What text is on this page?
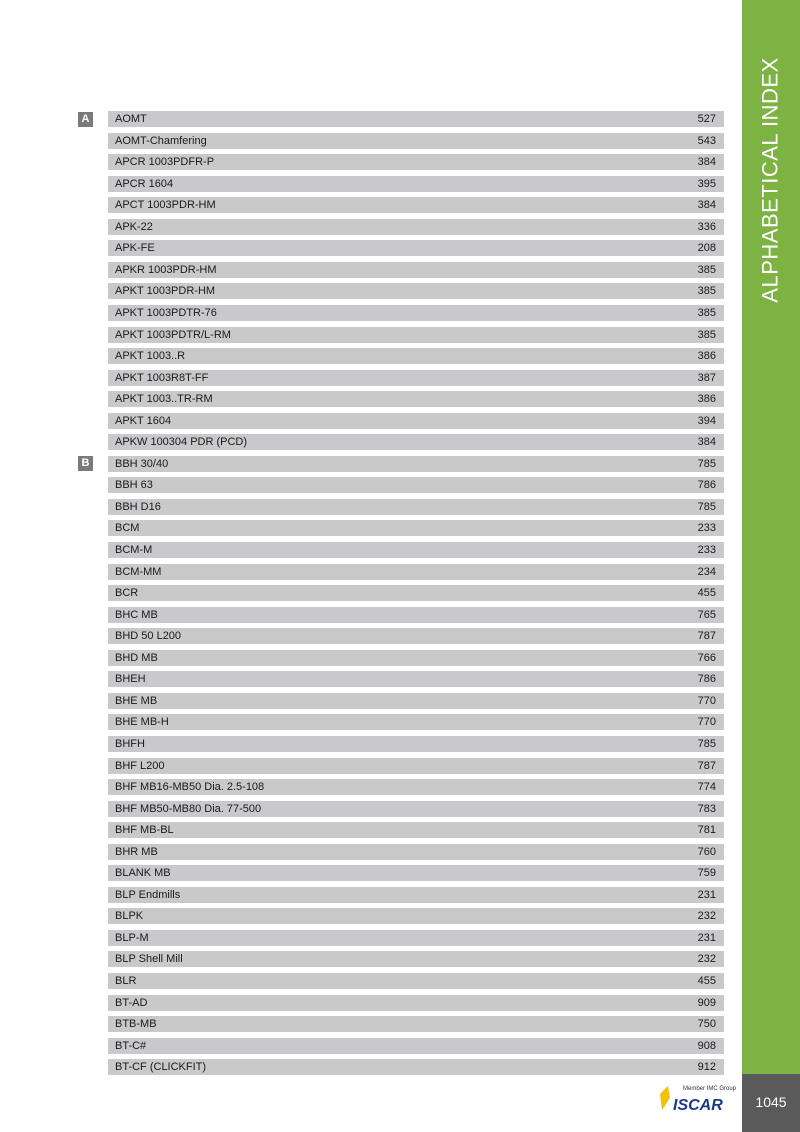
ALPHABETICAL INDEX
1045
A	AOMT	527
AOMT-Chamfering	543
APCR 1003PDFR-P	384
APCR 1604	395
APCT 1003PDR-HM	384
APK-22	336
APK-FE	208
APKR 1003PDR-HM	385
APKT 1003PDR-HM	385
APKT 1003PDTR-76	385
APKT 1003PDTR/L-RM	385
APKT 1003..R	386
APKT 1003R8T-FF	387
APKT 1003..TR-RM	386
APKT 1604	394
APKW 100304 PDR (PCD)	384
B	BBH 30/40	785
BBH 63	786
BBH D16	785
BCM	233
BCM-M	233
BCM-MM	234
BCR	455
BHC MB	765
BHD 50 L200	787
BHD MB	766
BHEH	786
BHE MB	770
BHE MB-H	770
BHFH	785
BHF L200	787
BHF MB16-MB50 Dia. 2.5-108	774
BHF MB50-MB80 Dia. 77-500	783
BHF MB-BL	781
BHR MB	760
BLANK MB	759
BLP Endmills	231
BLPK	232
BLP-M	231
BLP Shell Mill	232
BLR	455
BT-AD	909
BTB-MB	750
BT-C#	908
BT-CF (CLICKFIT)	912
Member IMC Group
ISCAR
